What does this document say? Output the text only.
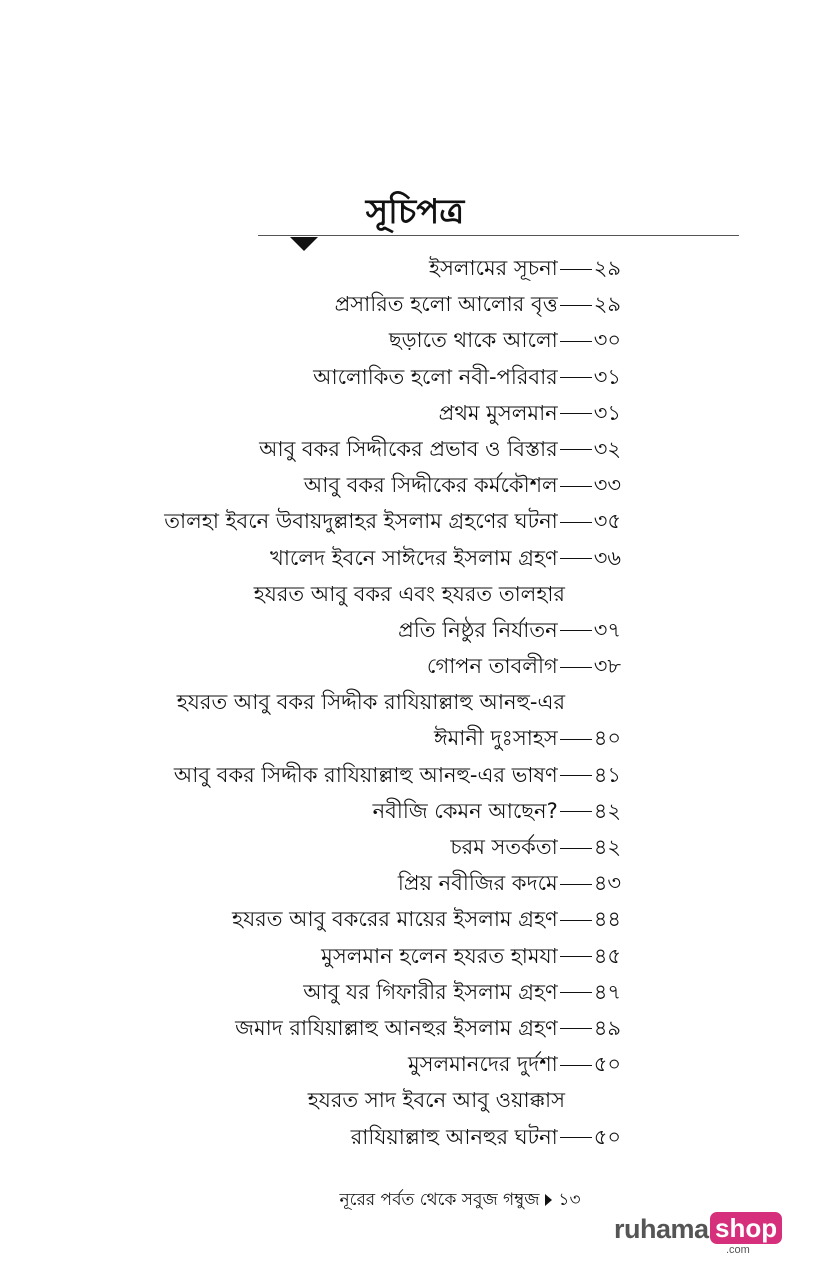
সূচিপত্র
ইসলামের সূচনা ২৯
প্রসারিত হলো আলোর বৃত্ত ২৯
ছড়াতে থাকে আলো ৩০
আলোকিত হলো নবী-পরিবার ৩১
প্রথম মুসলমান ৩১
আবু বকর সিদ্দীকের প্রভাব ও বিস্তার ৩২
আবু বকর সিদ্দীকের কর্মকৌশল ৩৩
তালহা ইবনে উবায়দুল্লাহর ইসলাম গ্রহণের ঘটনা ৩৫
খালেদ ইবনে সাঈদের ইসলাম গ্রহণ ৩৬
হযরত আবু বকর এবং হযরত তালহার
প্রতি নিষ্ঠুর নির্যাতন ৩৭
গোপন তাবলীগ ৩৮
হযরত আবু বকর সিদ্দীক রাযিয়াল্লাহু আনহু-এর
ঈমানী দুঃসাহস ৪০
আবু বকর সিদ্দীক রাযিয়াল্লাহু আনহু-এর ভাষণ ৪১
নবীজি কেমন আছেন? ৪২
চরম সতর্কতা ৪২
প্রিয় নবীজির কদমে ৪৩
হযরত আবু বকরের মায়ের ইসলাম গ্রহণ ৪৪
মুসলমান হলেন হযরত হামযা ৪৫
আবু যর গিফারীর ইসলাম গ্রহণ ৪৭
জমাদ রাযিয়াল্লাহু আনহুর ইসলাম গ্রহণ ৪৯
মুসলমানদের দুর্দশা ৫০
হযরত সাদ ইবনে আবু ওয়াক্কাস
রাযিয়াল্লাহু আনহুর ঘটনা ৫০
নূরের পর্বত থেকে সবুজ গম্বুজ ১৩
ruhama shop
.com
